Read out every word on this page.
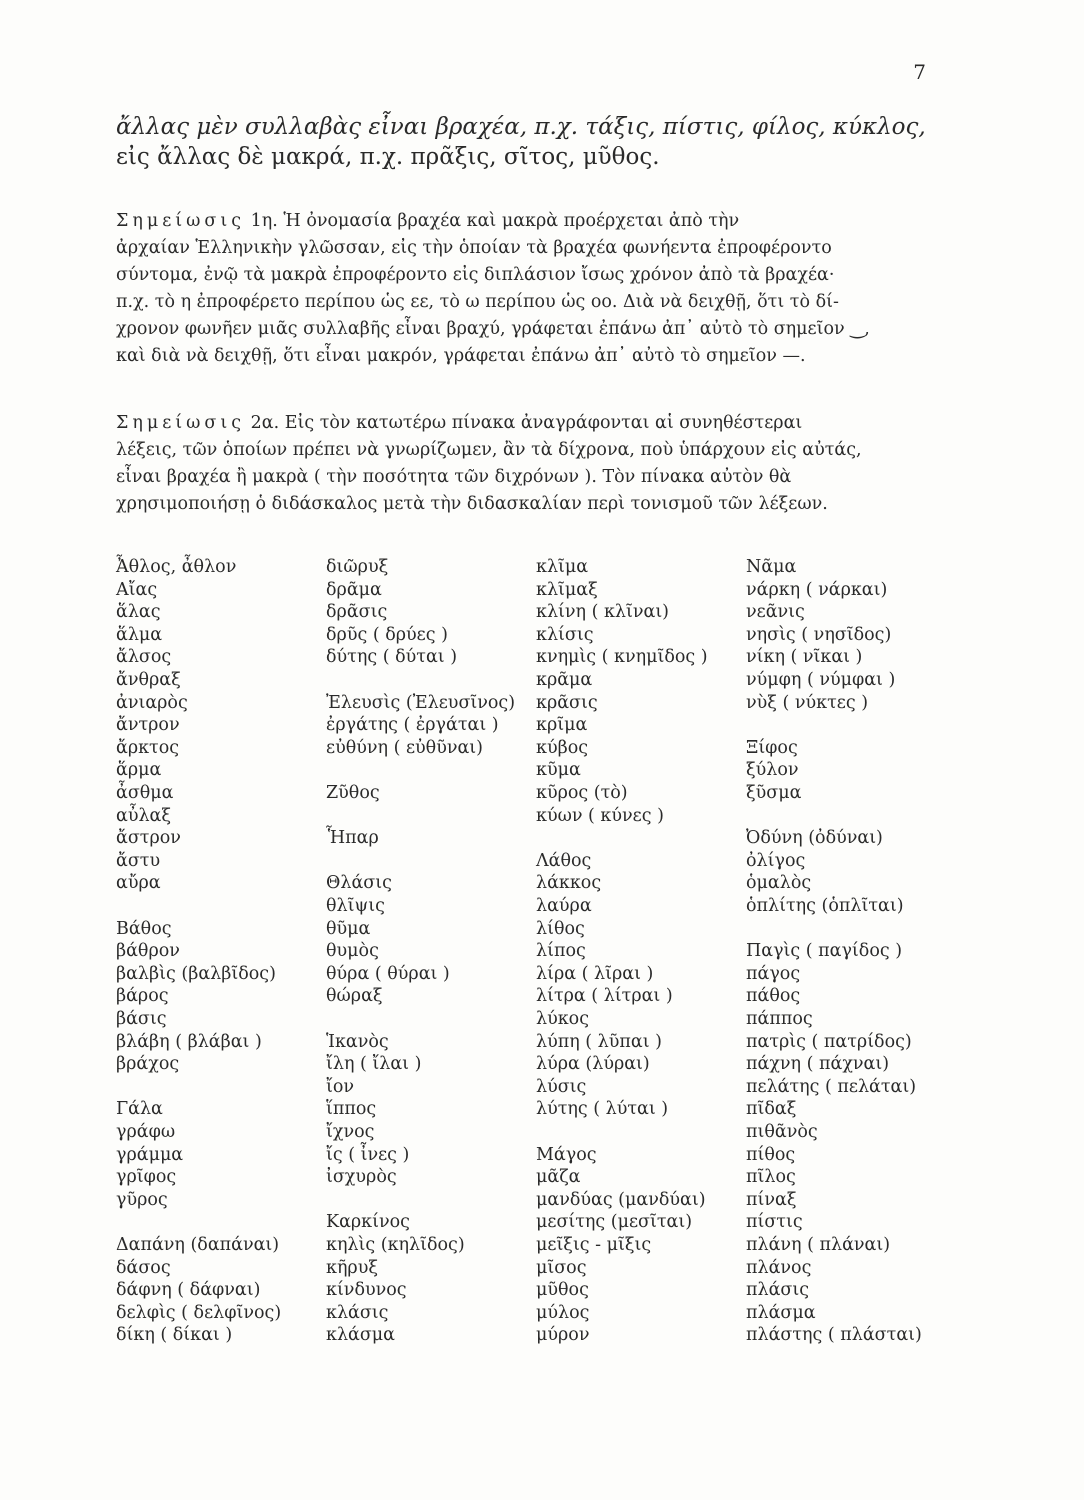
7
ἄλλας μὲν συλλαβὰς εἶναι βραχέα, π.χ. τάξις, πίστις, φίλος, κύκλος,
εἰς ἄλλας δὲ μακρά, π.χ. πρᾶξις, σῖτος, μῦθος.
Σημείωσις 1η. Ἡ ὀνομασία βραχέα καὶ μακρὰ προέρχεται ἀπὸ τὴν
ἀρχαίαν Ἑλληνικὴν γλῶσσαν, εἰς τὴν ὁποίαν τὰ βραχέα φωνήεντα ἐπροφέροντο
σύντομα, ἐνῷ τὰ μακρὰ ἐπροφέροντο εἰς διπλάσιον ἴσως χρόνον ἀπὸ τὰ βραχέα·
π.χ. τὸ η ἐπροφέρετο περίπου ὡς εε, τὸ ω περίπου ὡς οο. Διὰ νὰ δειχθῇ, ὅτι τὸ δί-
χρονον φωνῆεν μιᾶς συλλαβῆς εἶναι βραχύ, γράφεται ἐπάνω ἀπ᾽ αὐτὸ τὸ σημεῖον ‿,
καὶ διὰ νὰ δειχθῇ, ὅτι εἶναι μακρόν, γράφεται ἐπάνω ἀπ᾽ αὐτὸ τὸ σημεῖον —.
Σημείωσις 2α. Εἰς τὸν κατωτέρω πίνακα ἀναγράφονται αἱ συνηθέστεραι
λέξεις, τῶν ὁποίων πρέπει νὰ γνωρίζωμεν, ἂν τὰ δίχρονα, ποὺ ὑπάρχουν εἰς αὐτάς,
εἶναι βραχέα ἢ μακρὰ ( τὴν ποσότητα τῶν διχρόνων ). Τὸν πίνακα αὐτὸν θὰ
χρησιμοποιήσῃ ὁ διδάσκαλος μετὰ τὴν διδασκαλίαν περὶ τονισμοῦ τῶν λέξεων.
Ἆθλος, ἆθλον
Αἴας
ἅλας
ἅλμα
ἄλσος
ἄνθραξ
ἀνιαρὸς
ἄντρον
ἄρκτος
ἅρμα
ἆσθμα
αὖλαξ
ἄστρον
ἄστυ
αὔρα
Βάθος
βάθρον
βαλβὶς (βαλβῖδος)
βάρος
βάσις
βλάβη ( βλάβαι )
βράχος
Γάλα
γράφω
γράμμα
γρῖφος
γῦρος
Δαπάνη (δαπάναι)
δάσος
δάφνη ( δάφναι)
δελφὶς ( δελφῖνος)
δίκη ( δίκαι )
διῶρυξ
δρᾶμα
δρᾶσις
δρῦς ( δρύες )
δύτης ( δύται )
Ἐλευσὶς (Ἐλευσῖνος)
ἐργάτης ( ἐργάται )
εὐθύνη ( εὐθῦναι)
Ζῦθος
Ἧπαρ
Θλάσις
θλῖψις
θῦμα
θυμὸς
θύρα ( θύραι )
θώραξ
Ἱκανὸς
ἴλη ( ἴλαι )
ἴον
ἵππος
ἴχνος
ἴς ( ἶνες )
ἰσχυρὸς
Καρκίνος
κηλὶς (κηλῖδος)
κῆρυξ
κίνδυνος
κλάσις
κλάσμα
κλῖμα
κλῖμαξ
κλίνη ( κλῖναι)
κλίσις
κνημὶς ( κνημῖδος )
κρᾶμα
κρᾶσις
κρῖμα
κύβος
κῦμα
κῦρος (τὸ)
κύων ( κύνες )
Λάθος
λάκκος
λαύρα
λίθος
λίπος
λίρα ( λῖραι )
λίτρα ( λίτραι )
λύκος
λύπη ( λῦπαι )
λύρα (λύραι)
λύσις
λύτης ( λύται )
Μάγος
μᾶζα
μανδύας (μανδύαι)
μεσίτης (μεσῖται)
μεῖξις - μῖξις
μῖσος
μῦθος
μύλος
μύρον
Νᾶμα
νάρκη ( νάρκαι)
νεᾶνις
νησὶς ( νησῖδος)
νίκη ( νῖκαι )
νύμφη ( νύμφαι )
νὺξ ( νύκτες )
Ξίφος
ξύλον
ξῦσμα
Ὀδύνη (ὀδύναι)
ὀλίγος
ὁμαλὸς
ὁπλίτης (ὁπλῖται)
Παγὶς ( παγίδος )
πάγος
πάθος
πάππος
πατρὶς ( πατρίδος)
πάχνη ( πάχναι)
πελάτης ( πελάται)
πῖδαξ
πιθᾶνὸς
πίθος
πῖλος
πίναξ
πίστις
πλάνη ( πλάναι)
πλάνος
πλάσις
πλάσμα
πλάστης ( πλάσται)
